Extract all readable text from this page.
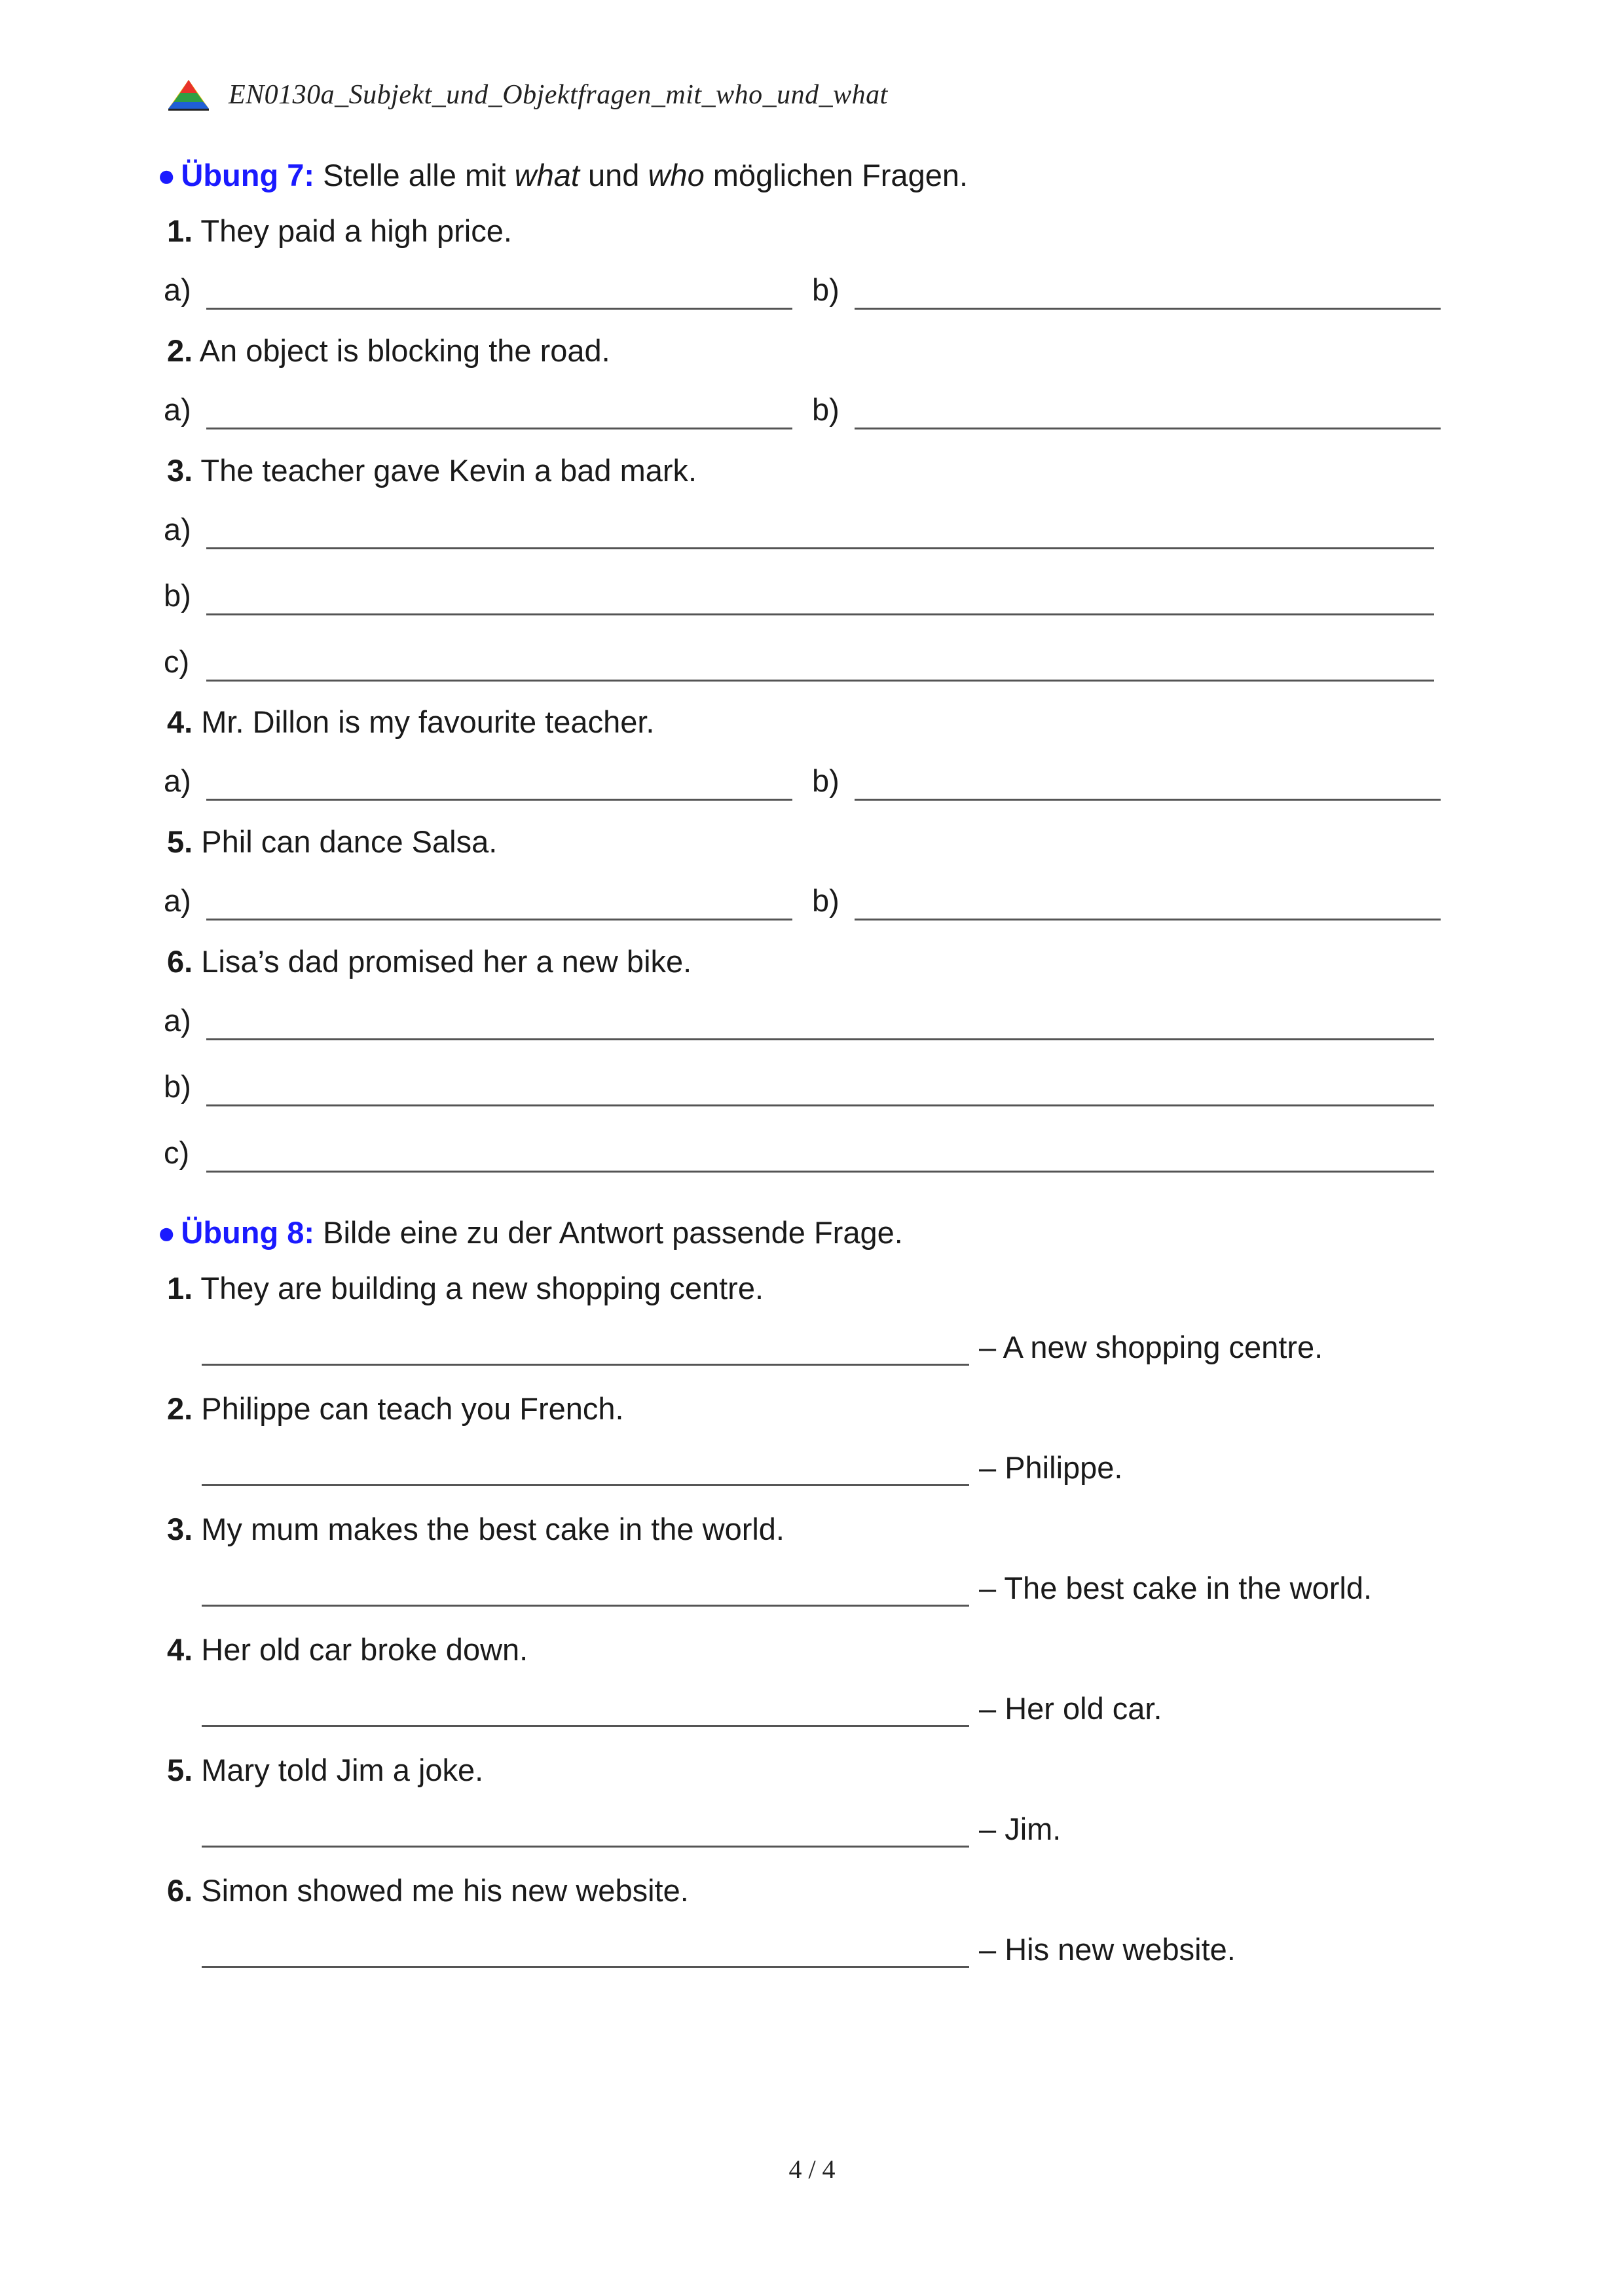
EN0130a_Subjekt_und_Objektfragen_mit_who_und_what
● Übung 7: Stelle alle mit what und who möglichen Fragen.
1. They paid a high price.
a)	b)
2. An object is blocking the road.
a)	b)
3. The teacher gave Kevin a bad mark.
a)
b)
c)
4. Mr. Dillon is my favourite teacher.
a)	b)
5. Phil can dance Salsa.
a)	b)
6. Lisa’s dad promised her a new bike.
a)
b)
c)
● Übung 8: Bilde eine zu der Antwort passende Frage.
1. They are building a new shopping centre.
– A new shopping centre.
2. Philippe can teach you French.
– Philippe.
3. My mum makes the best cake in the world.
– The best cake in the world.
4. Her old car broke down.
– Her old car.
5. Mary told Jim a joke.
– Jim.
6. Simon showed me his new website.
– His new website.
4 / 4
